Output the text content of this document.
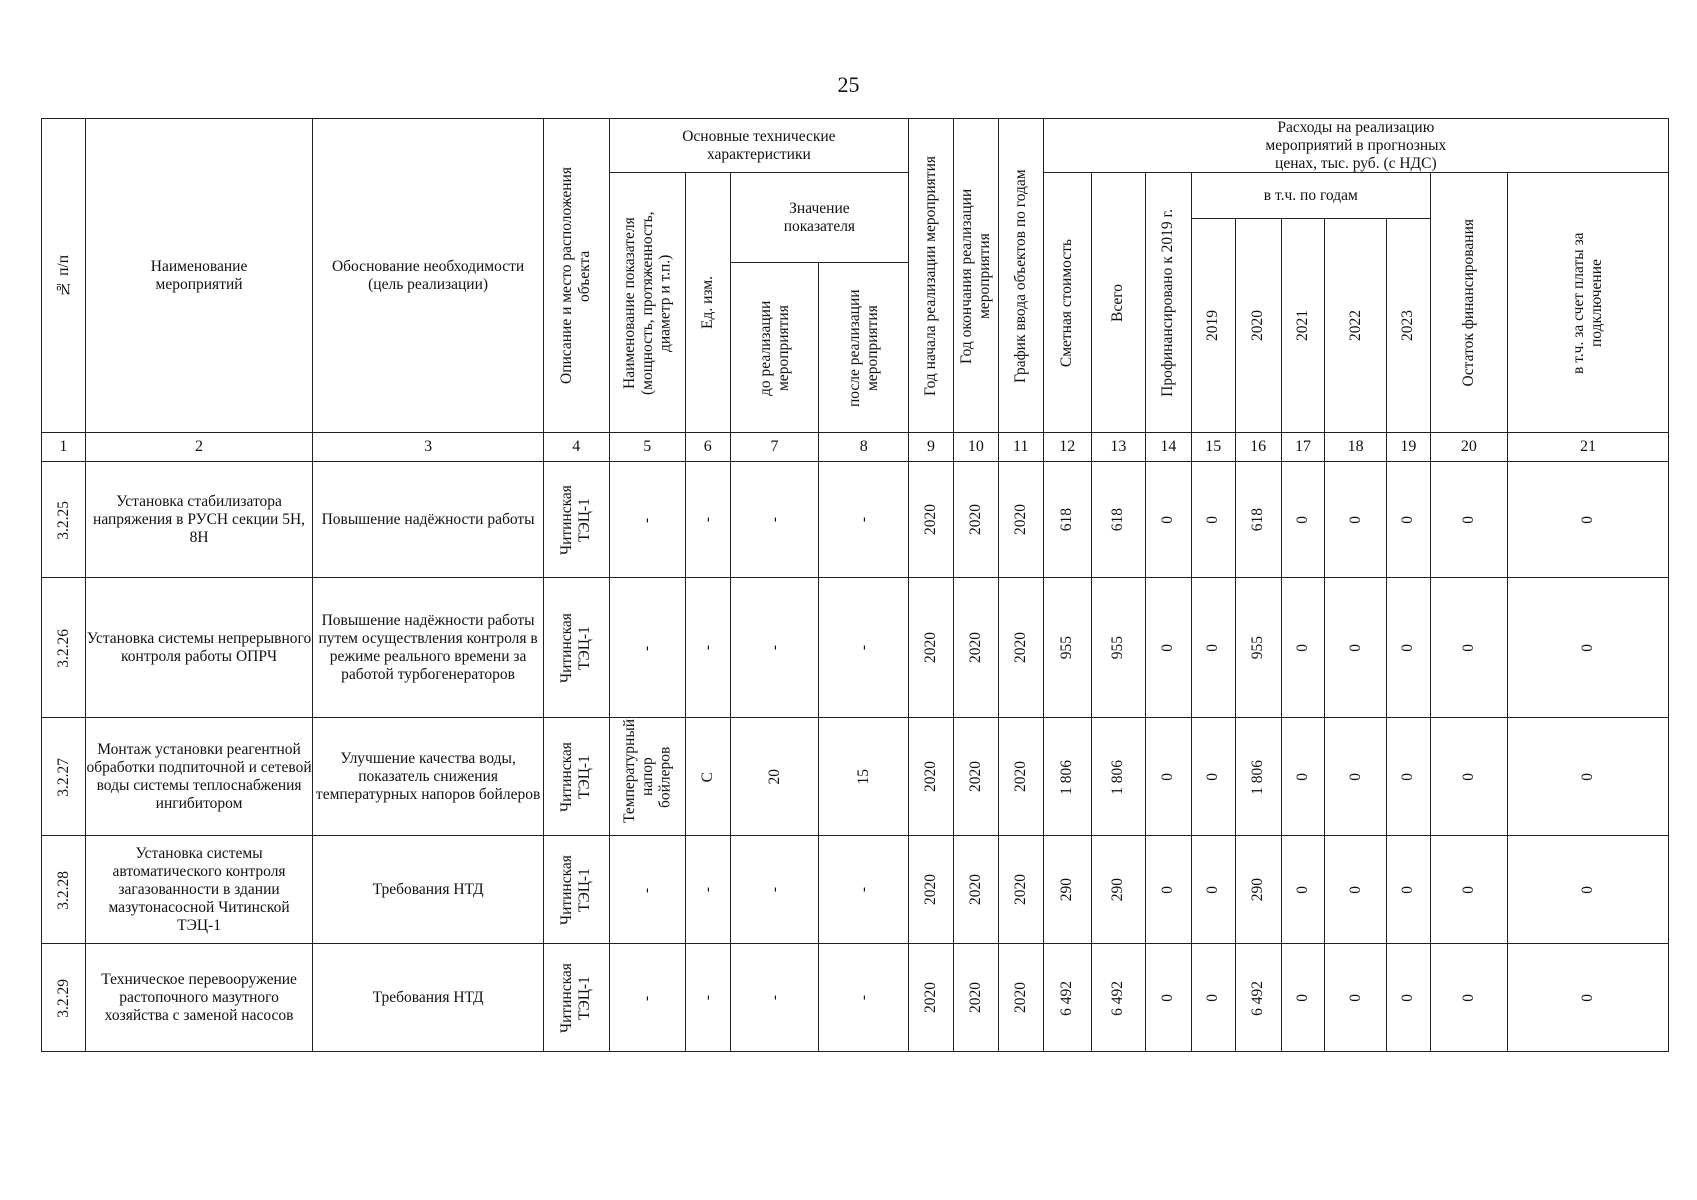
25
№ п/п	Наименование мероприятий	Обоснование необходимости (цель реализации)	Описание и место расположения объекта	Основные технические характеристики				Год начала реализации мероприятия	Год окончания реализации мероприятия	График ввода объектов по годам	Расходы на реализацию мероприятий в прогнозных ценах, тыс. руб. (с НДС)									

				Наименование показателя (мощность, протяженность, диаметр и т.п.)	Ед. изм.	Значение показателя					Сметная стоимость	Всего	Профинансировано к 2019 г.	в т.ч. по годам					Остаток финансирования	в т.ч. за счет платы за подключение

														2019	2020	2021	2022	2023		

						до реализации мероприятия	после реализации мероприятия													

1	2	3	4	5	6	7	8	9	10	11	12	13	14	15	16	17	18	19	20	21

3.2.25	Установка стабилизатора напряжения в РУСН секции 5Н, 8Н	Повышение надёжности работы	Читинская ТЭЦ-1	-	-	-	-	2020	2020	2020	618	618	0	0	618	0	0	0	0	0

3.2.26	Установка системы непрерывного контроля работы ОПРЧ	Повышение надёжности работы путем осуществления контроля в режиме реального времени за работой турбогенераторов	Читинская ТЭЦ-1	-	-	-	-	2020	2020	2020	955	955	0	0	955	0	0	0	0	0

3.2.27	Монтаж установки реагентной обработки подпиточной и сетевой воды системы теплоснабжения ингибитором	Улучшение качества воды, показатель снижения температурных напоров бойлеров	Читинская ТЭЦ-1	Температурный напор бойлеров	С	20	15	2020	2020	2020	1 806	1 806	0	0	1 806	0	0	0	0	0

3.2.28	Установка системы автоматического контроля загазованности в здании мазутонасосной Читинской ТЭЦ-1	Требования НТД	Читинская ТЭЦ-1	-	-	-	-	2020	2020	2020	290	290	0	0	290	0	0	0	0	0

3.2.29	Техническое перевооружение растопочного мазутного хозяйства с заменой насосов	Требования НТД	Читинская ТЭЦ-1	-	-	-	-	2020	2020	2020	6 492	6 492	0	0	6 492	0	0	0	0	0
